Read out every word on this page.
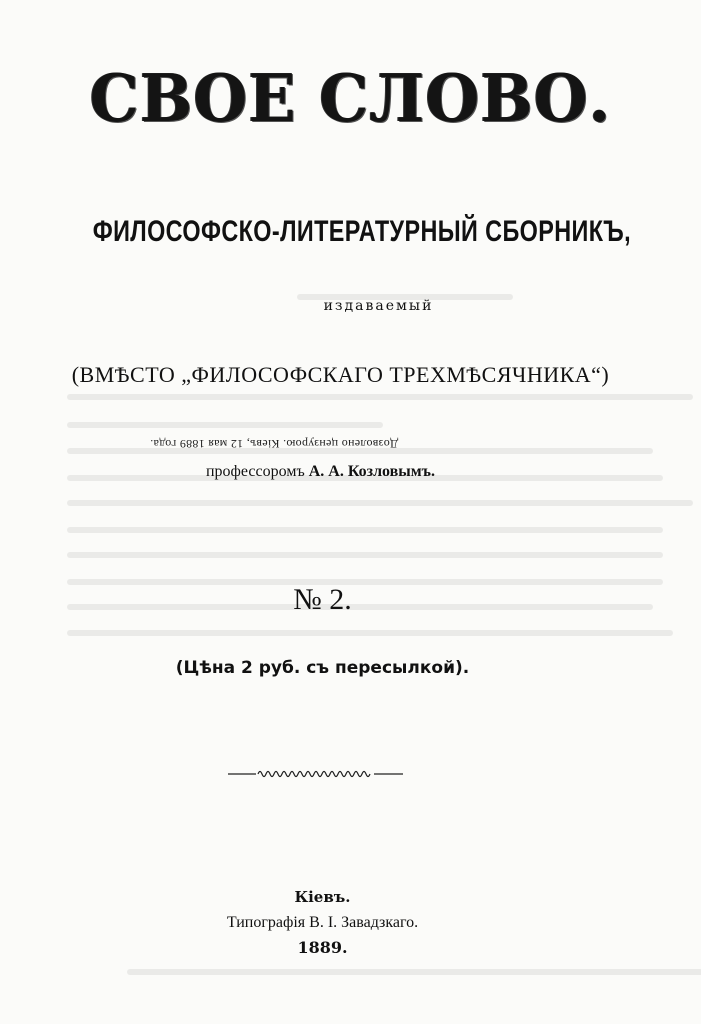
СВОЕ СЛОВО.
ФИЛОСОФСКО-ЛИТЕРАТУРНЫЙ СБОРНИКЪ,
издаваемый
(ВМѢСТО „ФИЛОСОФСКАГО ТРЕХМѢСЯЧНИКА“)
Дозволено цензурою. Кіевъ, 12 мая 1889 года.
профессоромъ А. А. Козловымъ.
№ 2.
(Цѣна 2 руб. съ пересылкой).
Кіевъ.
Типографія В. І. Завадзкаго.
1889.
